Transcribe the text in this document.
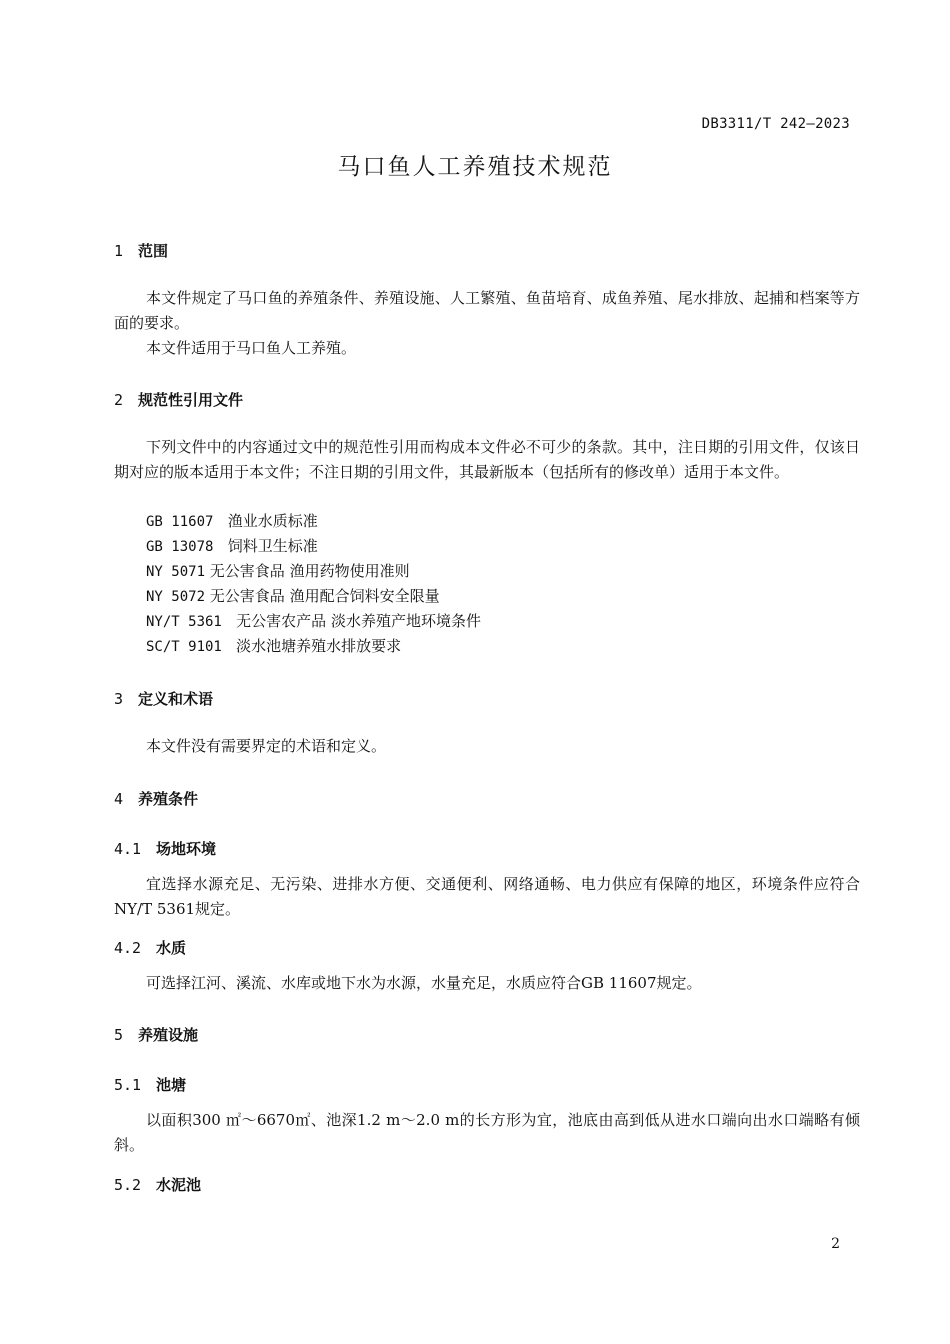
DB3311/T 242—2023
马口鱼人工养殖技术规范
1 范围
本文件规定了马口鱼的养殖条件、养殖设施、人工繁殖、鱼苗培育、成鱼养殖、尾水排放、起捕和档案等方面的要求。
本文件适用于马口鱼人工养殖。
2 规范性引用文件
下列文件中的内容通过文中的规范性引用而构成本文件必不可少的条款。其中，注日期的引用文件，仅该日期对应的版本适用于本文件；不注日期的引用文件，其最新版本（包括所有的修改单）适用于本文件。
GB 11607 渔业水质标准
GB 13078 饲料卫生标准
NY 5071 无公害食品 渔用药物使用准则
NY 5072 无公害食品 渔用配合饲料安全限量
NY/T 5361 无公害农产品 淡水养殖产地环境条件
SC/T 9101 淡水池塘养殖水排放要求
3 定义和术语
本文件没有需要界定的术语和定义。
4 养殖条件
4.1 场地环境
宜选择水源充足、无污染、进排水方便、交通便利、网络通畅、电力供应有保障的地区，环境条件应符合NY/T 5361规定。
4.2 水质
可选择江河、溪流、水库或地下水为水源，水量充足，水质应符合GB 11607规定。
5 养殖设施
5.1 池塘
以面积300 ㎡～6670㎡、池深1.2 m～2.0 m的长方形为宜，池底由高到低从进水口端向出水口端略有倾斜。
5.2 水泥池
2
